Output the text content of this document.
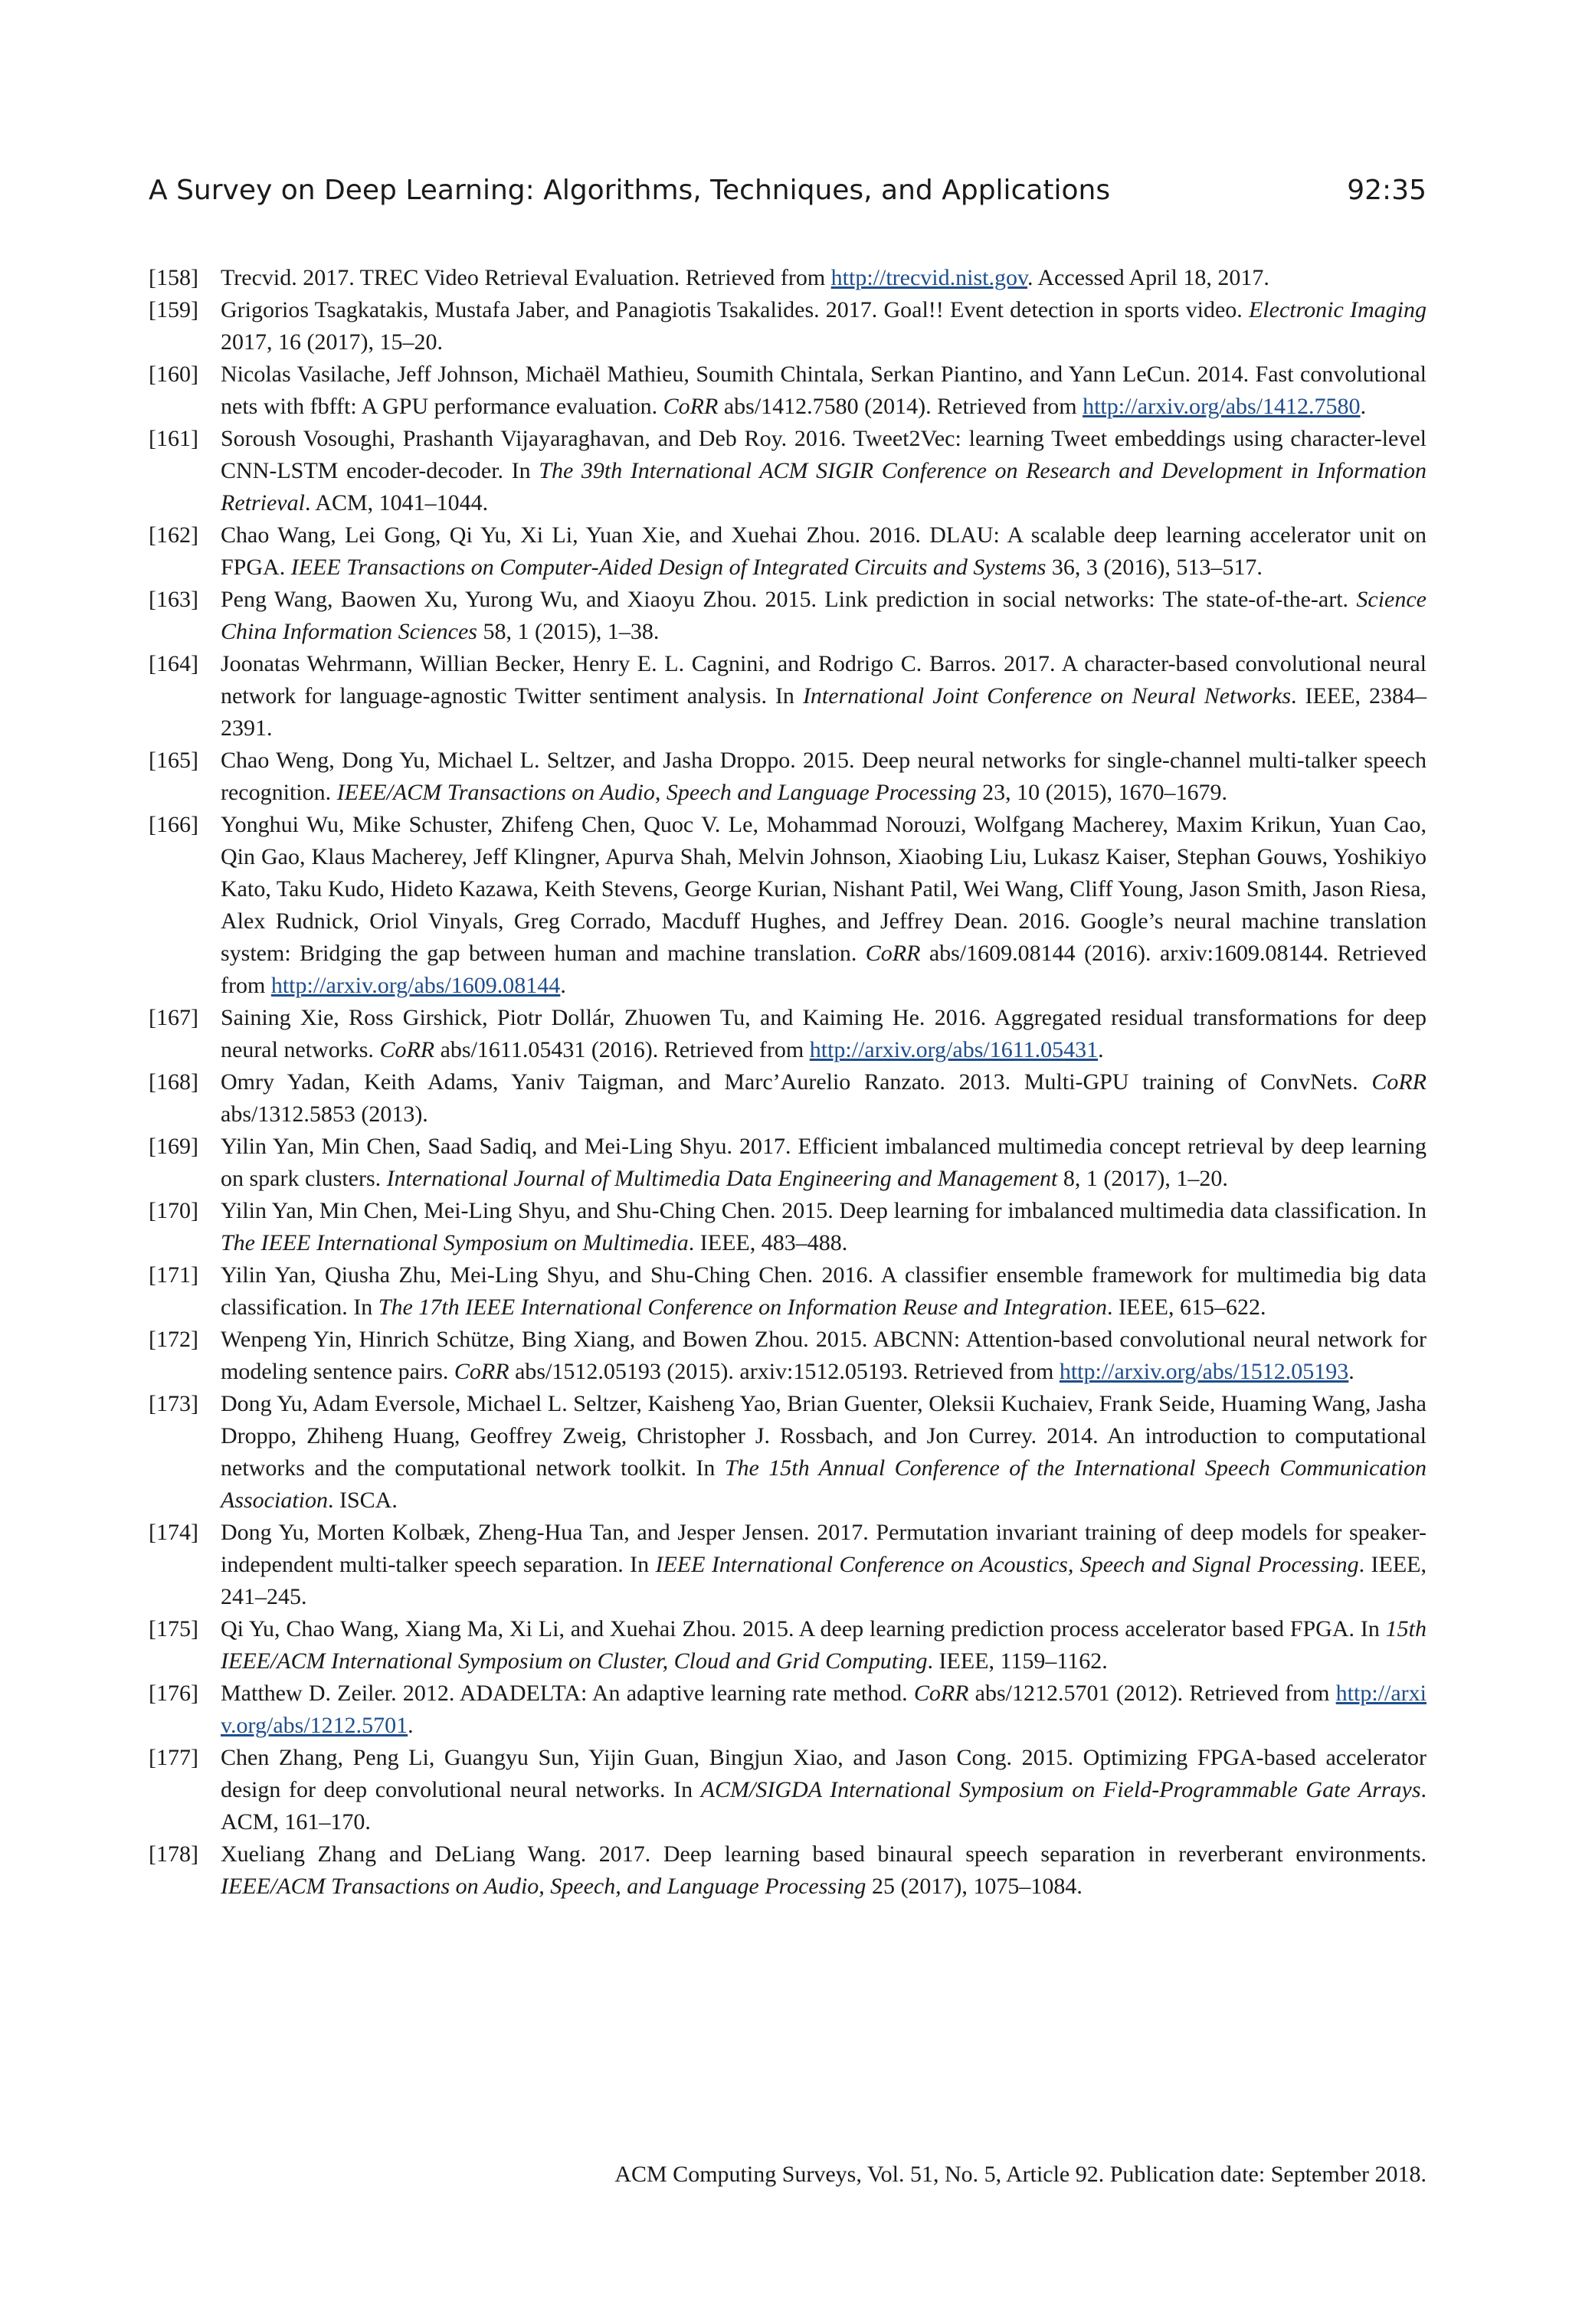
A Survey on Deep Learning: Algorithms, Techniques, and Applications	92:35
[158] Trecvid. 2017. TREC Video Retrieval Evaluation. Retrieved from http://trecvid.nist.gov. Accessed April 18, 2017.
[159] Grigorios Tsagkatakis, Mustafa Jaber, and Panagiotis Tsakalides. 2017. Goal!! Event detection in sports video. Electronic Imaging 2017, 16 (2017), 15–20.
[160] Nicolas Vasilache, Jeff Johnson, Michaël Mathieu, Soumith Chintala, Serkan Piantino, and Yann LeCun. 2014. Fast convolutional nets with fbfft: A GPU performance evaluation. CoRR abs/1412.7580 (2014). Retrieved from http://arxiv.org/abs/1412.7580.
[161] Soroush Vosoughi, Prashanth Vijayaraghavan, and Deb Roy. 2016. Tweet2Vec: learning Tweet embeddings using character-level CNN-LSTM encoder-decoder. In The 39th International ACM SIGIR Conference on Research and Development in Information Retrieval. ACM, 1041–1044.
[162] Chao Wang, Lei Gong, Qi Yu, Xi Li, Yuan Xie, and Xuehai Zhou. 2016. DLAU: A scalable deep learning accelerator unit on FPGA. IEEE Transactions on Computer-Aided Design of Integrated Circuits and Systems 36, 3 (2016), 513–517.
[163] Peng Wang, Baowen Xu, Yurong Wu, and Xiaoyu Zhou. 2015. Link prediction in social networks: The state-of-the-art. Science China Information Sciences 58, 1 (2015), 1–38.
[164] Joonatas Wehrmann, Willian Becker, Henry E. L. Cagnini, and Rodrigo C. Barros. 2017. A character-based convolutional neural network for language-agnostic Twitter sentiment analysis. In International Joint Conference on Neural Networks. IEEE, 2384–2391.
[165] Chao Weng, Dong Yu, Michael L. Seltzer, and Jasha Droppo. 2015. Deep neural networks for single-channel multi-talker speech recognition. IEEE/ACM Transactions on Audio, Speech and Language Processing 23, 10 (2015), 1670–1679.
[166] Yonghui Wu, Mike Schuster, Zhifeng Chen, Quoc V. Le, Mohammad Norouzi, Wolfgang Macherey, Maxim Krikun, Yuan Cao, Qin Gao, Klaus Macherey, Jeff Klingner, Apurva Shah, Melvin Johnson, Xiaobing Liu, Lukasz Kaiser, Stephan Gouws, Yoshikiyo Kato, Taku Kudo, Hideto Kazawa, Keith Stevens, George Kurian, Nishant Patil, Wei Wang, Cliff Young, Jason Smith, Jason Riesa, Alex Rudnick, Oriol Vinyals, Greg Corrado, Macduff Hughes, and Jeffrey Dean. 2016. Google’s neural machine translation system: Bridging the gap between human and machine translation. CoRR abs/1609.08144 (2016). arxiv:1609.08144. Retrieved from http://arxiv.org/abs/1609.08144.
[167] Saining Xie, Ross Girshick, Piotr Dollár, Zhuowen Tu, and Kaiming He. 2016. Aggregated residual transformations for deep neural networks. CoRR abs/1611.05431 (2016). Retrieved from http://arxiv.org/abs/1611.05431.
[168] Omry Yadan, Keith Adams, Yaniv Taigman, and Marc’Aurelio Ranzato. 2013. Multi-GPU training of ConvNets. CoRR abs/1312.5853 (2013).
[169] Yilin Yan, Min Chen, Saad Sadiq, and Mei-Ling Shyu. 2017. Efficient imbalanced multimedia concept retrieval by deep learning on spark clusters. International Journal of Multimedia Data Engineering and Management 8, 1 (2017), 1–20.
[170] Yilin Yan, Min Chen, Mei-Ling Shyu, and Shu-Ching Chen. 2015. Deep learning for imbalanced multimedia data classification. In The IEEE International Symposium on Multimedia. IEEE, 483–488.
[171] Yilin Yan, Qiusha Zhu, Mei-Ling Shyu, and Shu-Ching Chen. 2016. A classifier ensemble framework for multimedia big data classification. In The 17th IEEE International Conference on Information Reuse and Integration. IEEE, 615–622.
[172] Wenpeng Yin, Hinrich Schütze, Bing Xiang, and Bowen Zhou. 2015. ABCNN: Attention-based convolutional neural network for modeling sentence pairs. CoRR abs/1512.05193 (2015). arxiv:1512.05193. Retrieved from http://arxiv.org/abs/1512.05193.
[173] Dong Yu, Adam Eversole, Michael L. Seltzer, Kaisheng Yao, Brian Guenter, Oleksii Kuchaiev, Frank Seide, Huaming Wang, Jasha Droppo, Zhiheng Huang, Geoffrey Zweig, Christopher J. Rossbach, and Jon Currey. 2014. An introduction to computational networks and the computational network toolkit. In The 15th Annual Conference of the International Speech Communication Association. ISCA.
[174] Dong Yu, Morten Kolbæk, Zheng-Hua Tan, and Jesper Jensen. 2017. Permutation invariant training of deep models for speaker-independent multi-talker speech separation. In IEEE International Conference on Acoustics, Speech and Signal Processing. IEEE, 241–245.
[175] Qi Yu, Chao Wang, Xiang Ma, Xi Li, and Xuehai Zhou. 2015. A deep learning prediction process accelerator based FPGA. In 15th IEEE/ACM International Symposium on Cluster, Cloud and Grid Computing. IEEE, 1159–1162.
[176] Matthew D. Zeiler. 2012. ADADELTA: An adaptive learning rate method. CoRR abs/1212.5701 (2012). Retrieved from http://arxiv.org/abs/1212.5701.
[177] Chen Zhang, Peng Li, Guangyu Sun, Yijin Guan, Bingjun Xiao, and Jason Cong. 2015. Optimizing FPGA-based accelerator design for deep convolutional neural networks. In ACM/SIGDA International Symposium on Field-Programmable Gate Arrays. ACM, 161–170.
[178] Xueliang Zhang and DeLiang Wang. 2017. Deep learning based binaural speech separation in reverberant environments. IEEE/ACM Transactions on Audio, Speech, and Language Processing 25 (2017), 1075–1084.
ACM Computing Surveys, Vol. 51, No. 5, Article 92. Publication date: September 2018.
